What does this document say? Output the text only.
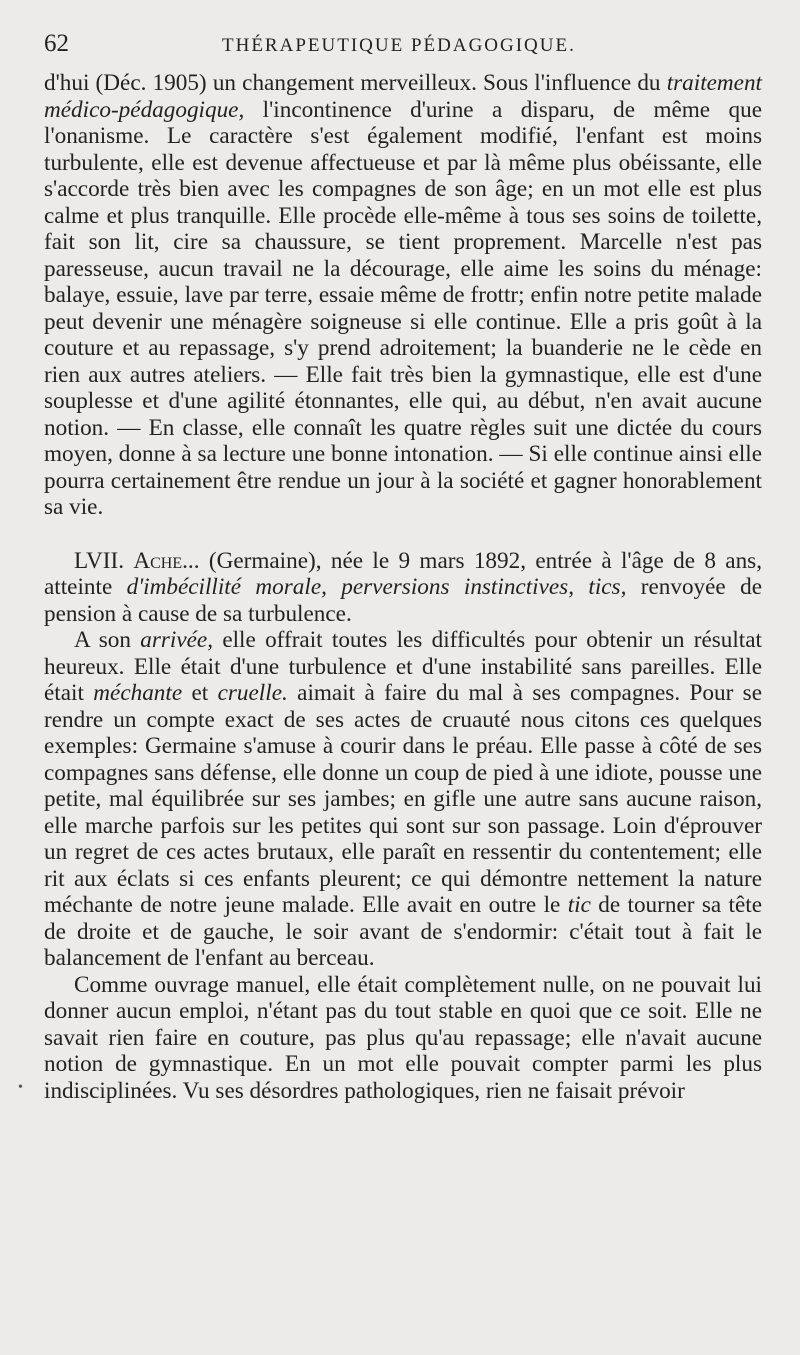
62	THÉRAPEUTIQUE PÉDAGOGIQUE.

d'hui (Déc. 1905) un changement merveilleux. Sous l'influence du traitement médico-pédagogique, l'incontinence d'urine a disparu, de même que l'onanisme. Le caractère s'est également modifié, l'enfant est moins turbulente, elle est devenue affectueuse et par là même plus obéissante, elle s'accorde très bien avec les compagnes de son âge; en un mot elle est plus calme et plus tranquille. Elle procède elle-même à tous ses soins de toilette, fait son lit, cire sa chaussure, se tient proprement. Marcelle n'est pas paresseuse, aucun travail ne la décourage, elle aime les soins du ménage: balaye, essuie, lave par terre, essaie même de frottr; enfin notre petite malade peut devenir une ménagère soigneuse si elle continue. Elle a pris goût à la couture et au repassage, s'y prend adroitement; la buanderie ne le cède en rien aux autres ateliers. — Elle fait très bien la gymnastique, elle est d'une souplesse et d'une agilité étonnantes, elle qui, au début, n'en avait aucune notion. — En classe, elle connaît les quatre règles suit une dictée du cours moyen, donne à sa lecture une bonne intonation. — Si elle continue ainsi elle pourra certainement être rendue un jour à la société et gagner honorablement sa vie.

LVII. Ache... (Germaine), née le 9 mars 1892, entrée à l'âge de 8 ans, atteinte d'imbécillité morale, perversions instinctives, tics, renvoyée de pension à cause de sa turbulence.

A son arrivée, elle offrait toutes les difficultés pour obtenir un résultat heureux. Elle était d'une turbulence et d'une instabilité sans pareilles. Elle était méchante et cruelle. aimait à faire du mal à ses compagnes. Pour se rendre un compte exact de ses actes de cruauté nous citons ces quelques exemples: Germaine s'amuse à courir dans le préau. Elle passe à côté de ses compagnes sans défense, elle donne un coup de pied à une idiote, pousse une petite, mal équilibrée sur ses jambes; en gifle une autre sans aucune raison, elle marche parfois sur les petites qui sont sur son passage. Loin d'éprouver un regret de ces actes brutaux, elle paraît en ressentir du contentement; elle rit aux éclats si ces enfants pleurent; ce qui démontre nettement la nature méchante de notre jeune malade. Elle avait en outre le tic de tourner sa tête de droite et de gauche, le soir avant de s'endormir: c'était tout à fait le balancement de l'enfant au berceau.

Comme ouvrage manuel, elle était complètement nulle, on ne pouvait lui donner aucun emploi, n'étant pas du tout stable en quoi que ce soit. Elle ne savait rien faire en couture, pas plus qu'au repassage; elle n'avait aucune notion de gymnastique. En un mot elle pouvait compter parmi les plus indisciplinées. Vu ses désordres pathologiques, rien ne faisait prévoir

•
